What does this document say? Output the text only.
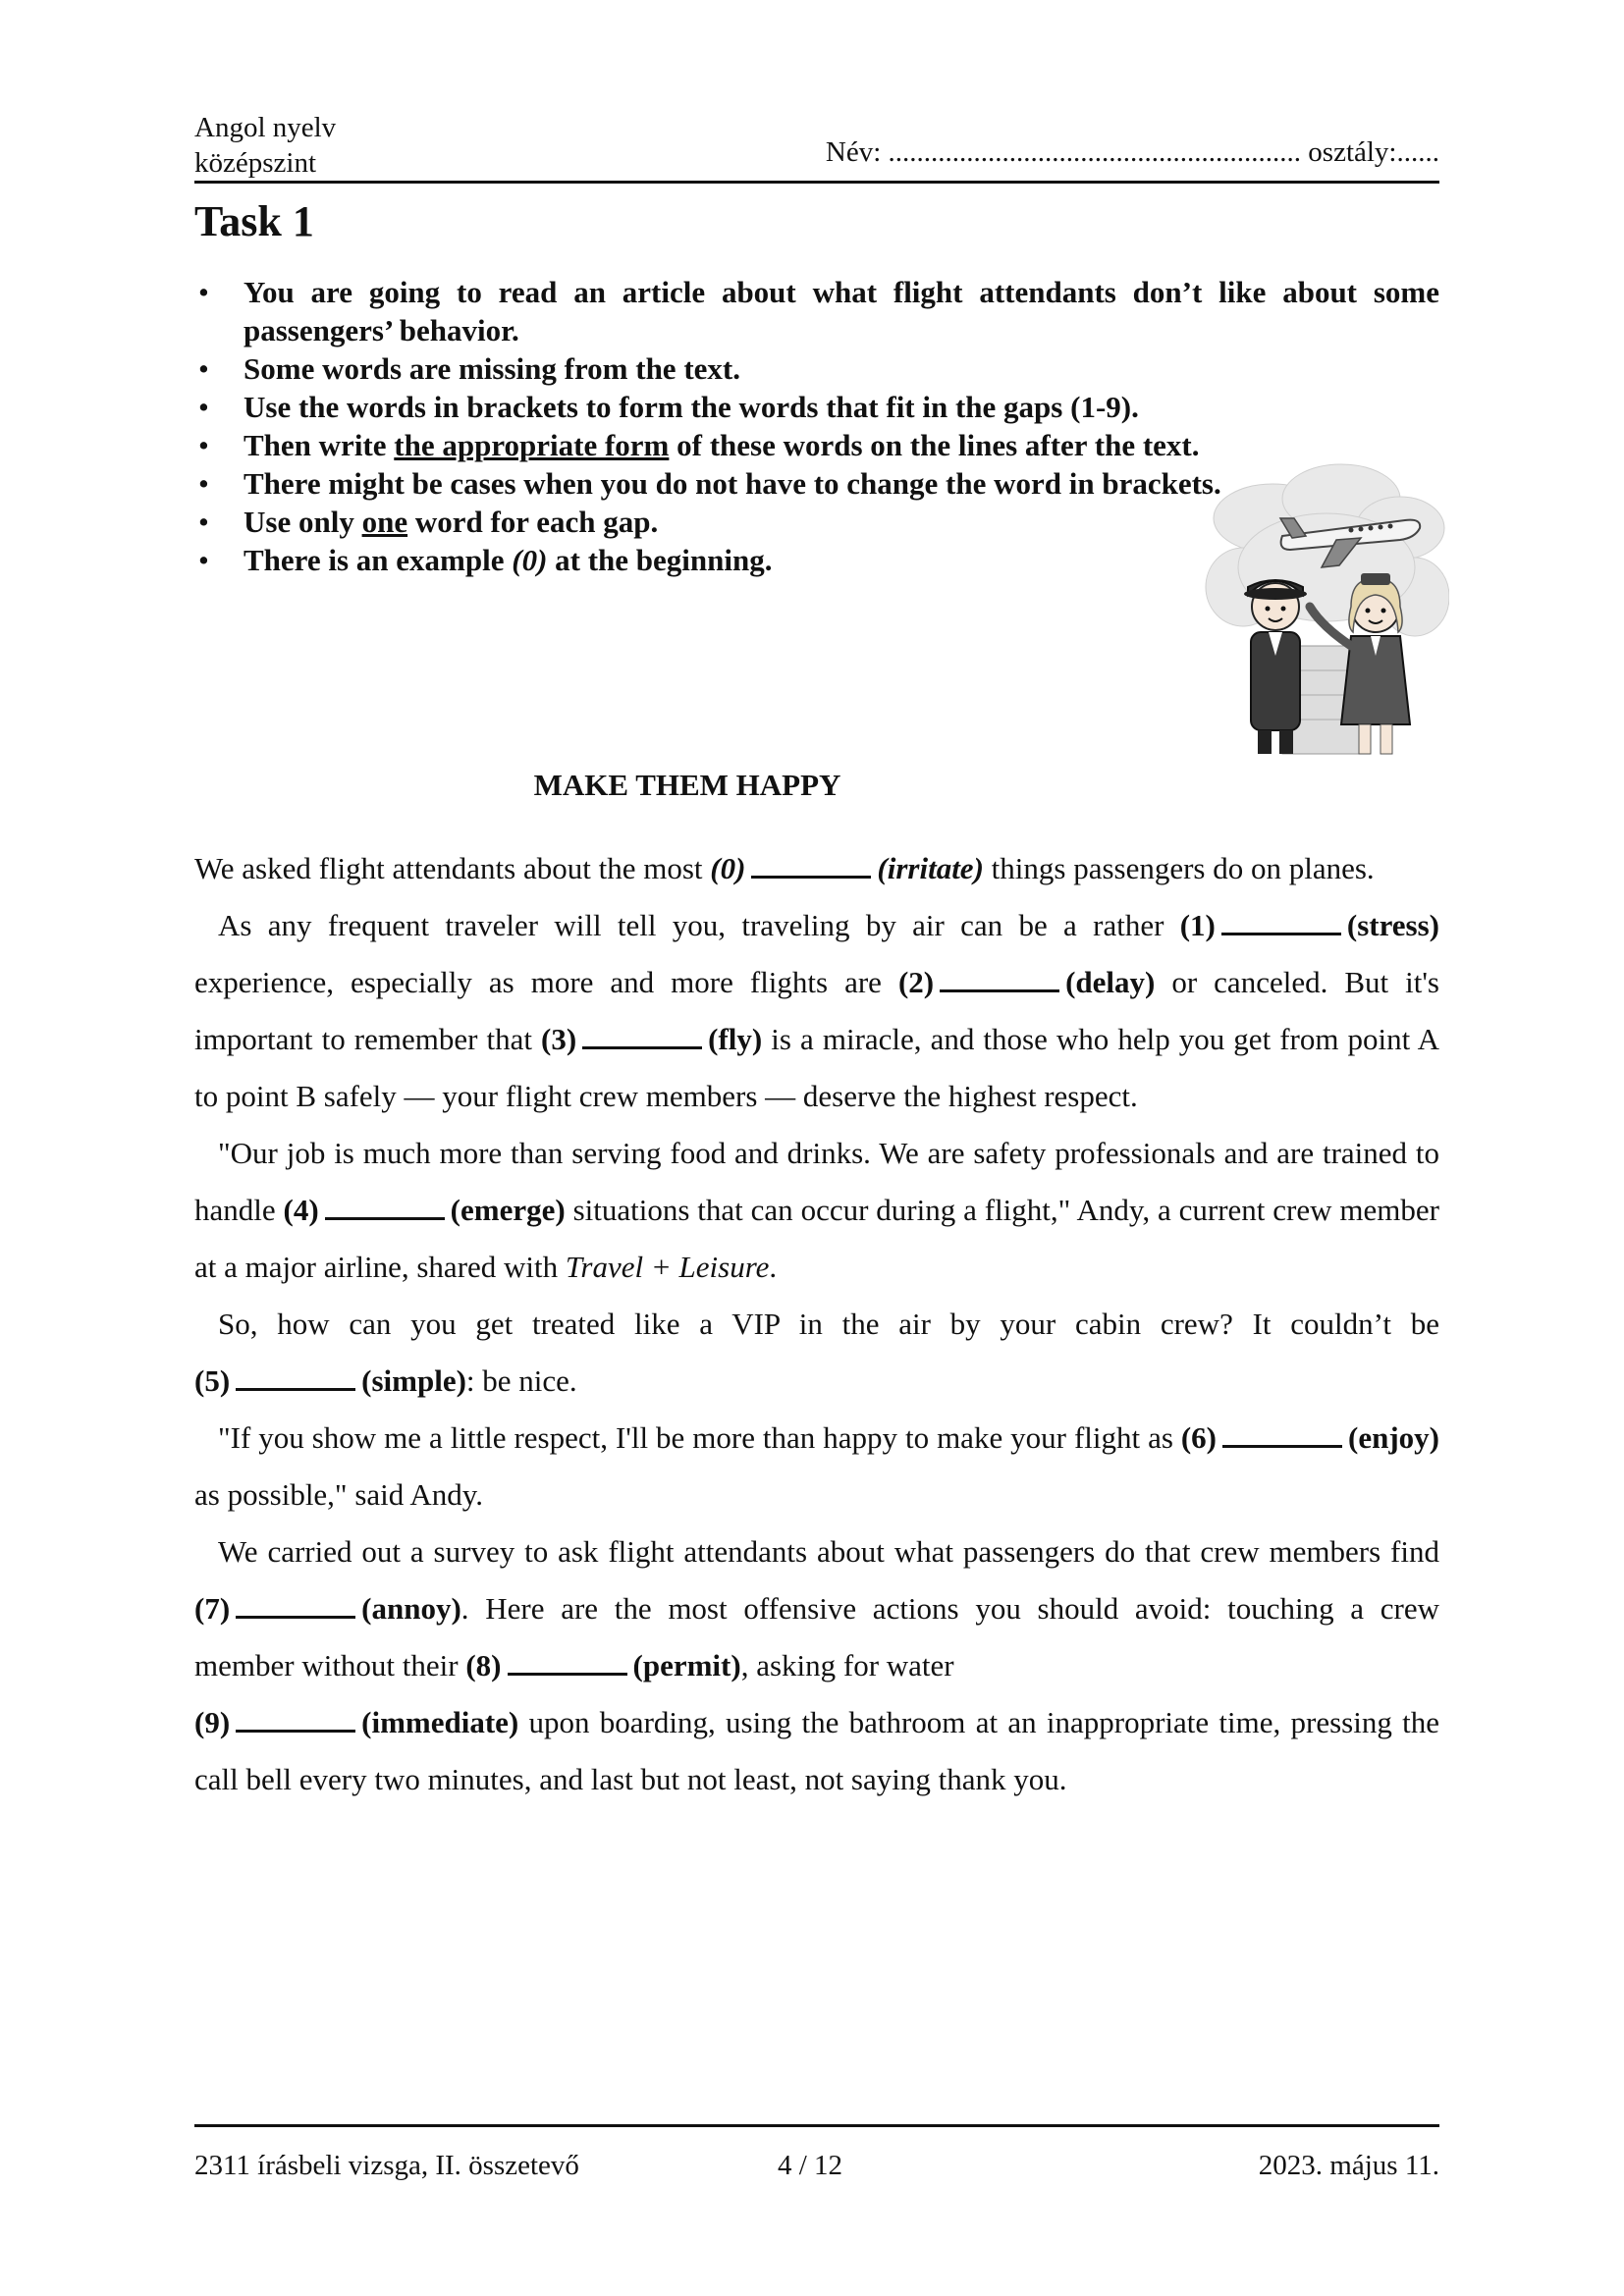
Angol nyelv
középszint	Név: .......................................................... osztály:......
Task 1
• You are going to read an article about what flight attendants don’t like about some passengers’ behavior.
• Some words are missing from the text.
• Use the words in brackets to form the words that fit in the gaps (1-9).
• Then write the appropriate form of these words on the lines after the text.
• There might be cases when you do not have to change the word in brackets.
• Use only one word for each gap.
• There is an example (0) at the beginning.
MAKE THEM HAPPY

We asked flight attendants about the most (0)	(irritate) things passengers do on planes.

As any frequent traveler will tell you, traveling by air can be a rather (1)	(stress) experience, especially as more and more flights are (2)	(delay) or canceled. But it's important to remember that (3)	(fly) is a miracle, and those who help you get from point A to point B safely — your flight crew members — deserve the highest respect.

"Our job is much more than serving food and drinks. We are safety professionals and are trained to handle (4)	(emerge) situations that can occur during a flight," Andy, a current crew member at a major airline, shared with Travel + Leisure.

So, how can you get treated like a VIP in the air by your cabin crew? It couldn’t be (5)	(simple): be nice.

"If you show me a little respect, I'll be more than happy to make your flight as (6)	(enjoy) as possible," said Andy.

We carried out a survey to ask flight attendants about what passengers do that crew members find (7)	(annoy). Here are the most offensive actions you should avoid: touching a crew member without their (8)	(permit), asking for water
(9)	(immediate) upon boarding, using the bathroom at an inappropriate time, pressing the call bell every two minutes, and last but not least, not saying thank you.

2311 írásbeli vizsga, II. összetevő	4 / 12	2023. május 11.
